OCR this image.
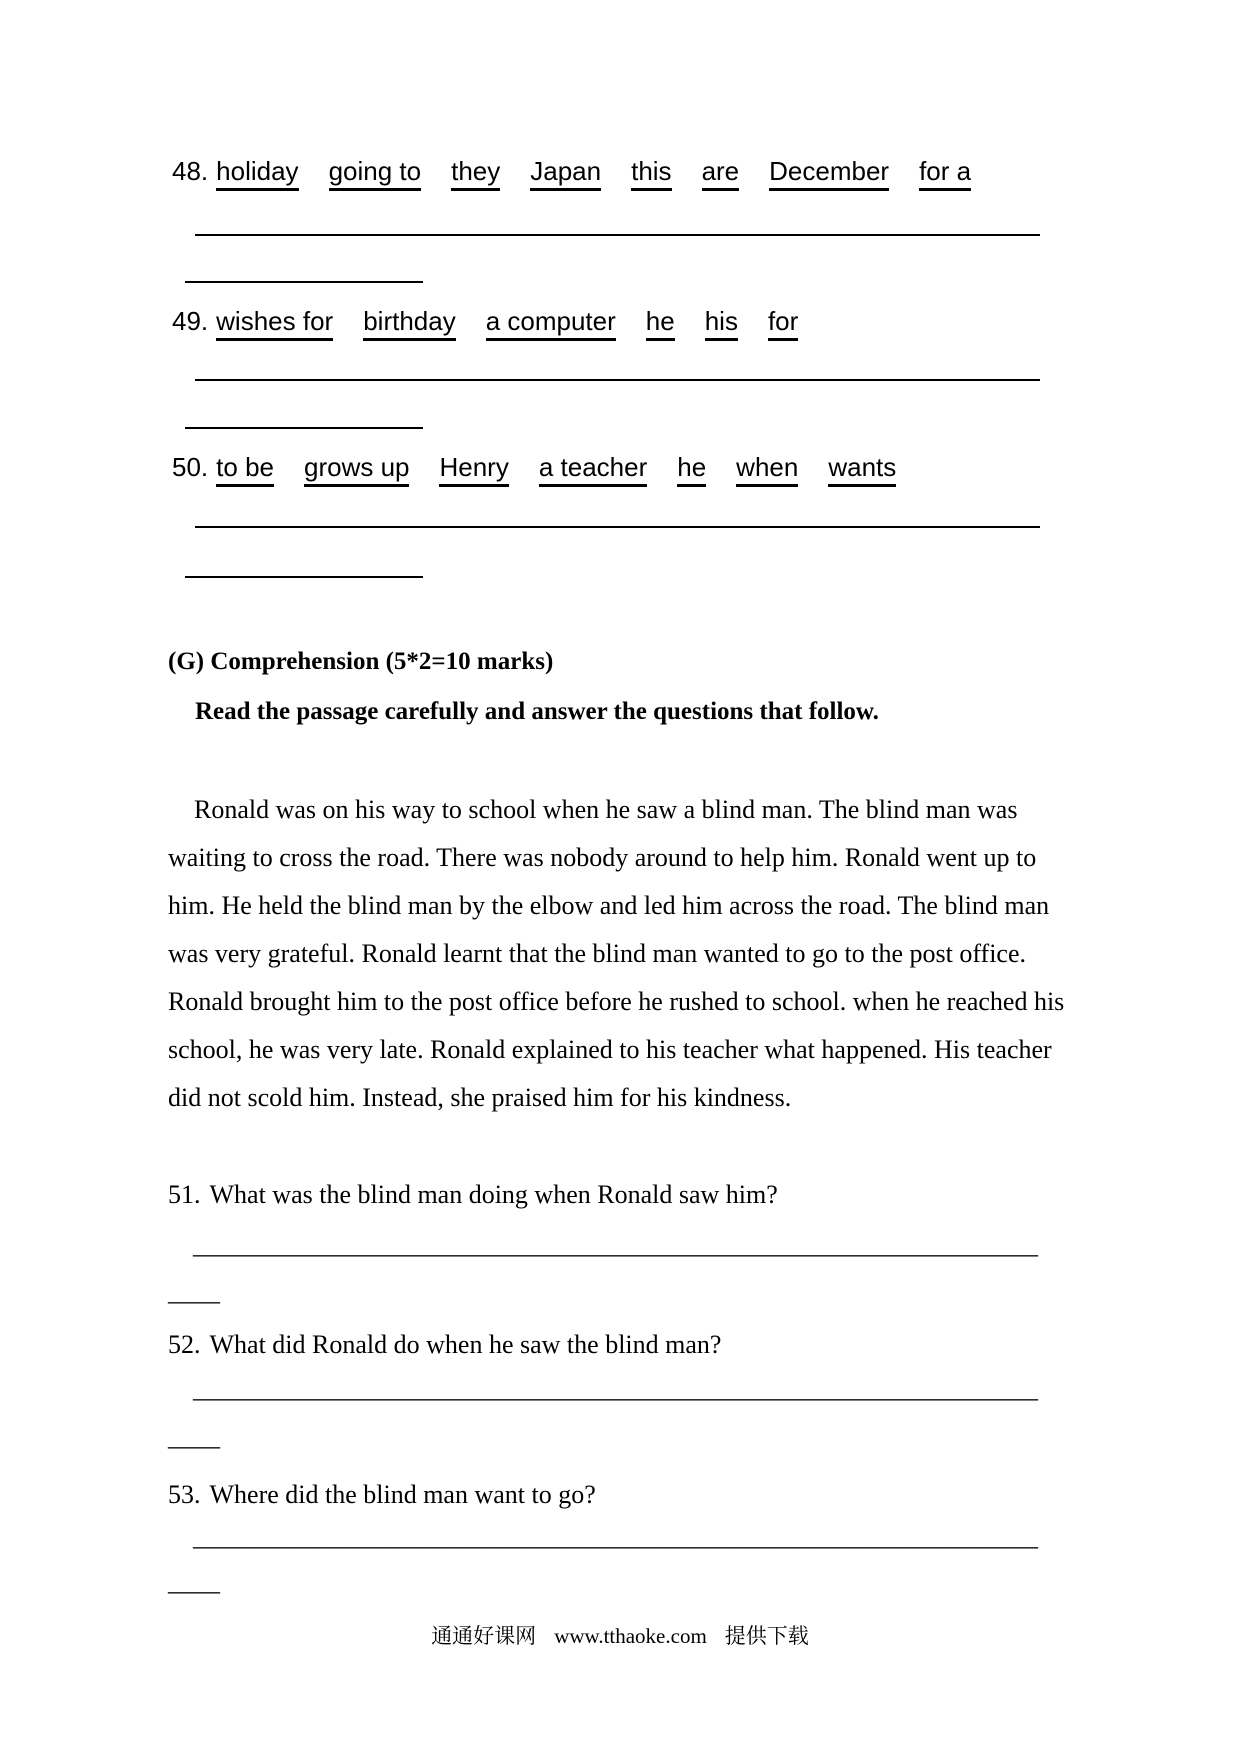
48. holiday going to they Japan this are December for a
49. wishes for birthday a computer he his for
50. to be grows up Henry a teacher he when wants
(G) Comprehension (5*2=10 marks)
Read the passage carefully and answer the questions that follow.
Ronald was on his way to school when he saw a blind man. The blind man was
waiting to cross the road. There was nobody around to help him. Ronald went up to
him. He held the blind man by the elbow and led him across the road. The blind man
was very grateful. Ronald learnt that the blind man wanted to go to the post office.
Ronald brought him to the post office before he rushed to school. when he reached his
school, he was very late. Ronald explained to his teacher what happened. His teacher
did not scold him. Instead, she praised him for his kindness.
51. What was the blind man doing when Ronald saw him?
_________________________________________________________________
____
52. What did Ronald do when he saw the blind man?
_________________________________________________________________
____
53. Where did the blind man want to go?
_________________________________________________________________
____
通通好课网 www.tthaoke.com 提供下载
